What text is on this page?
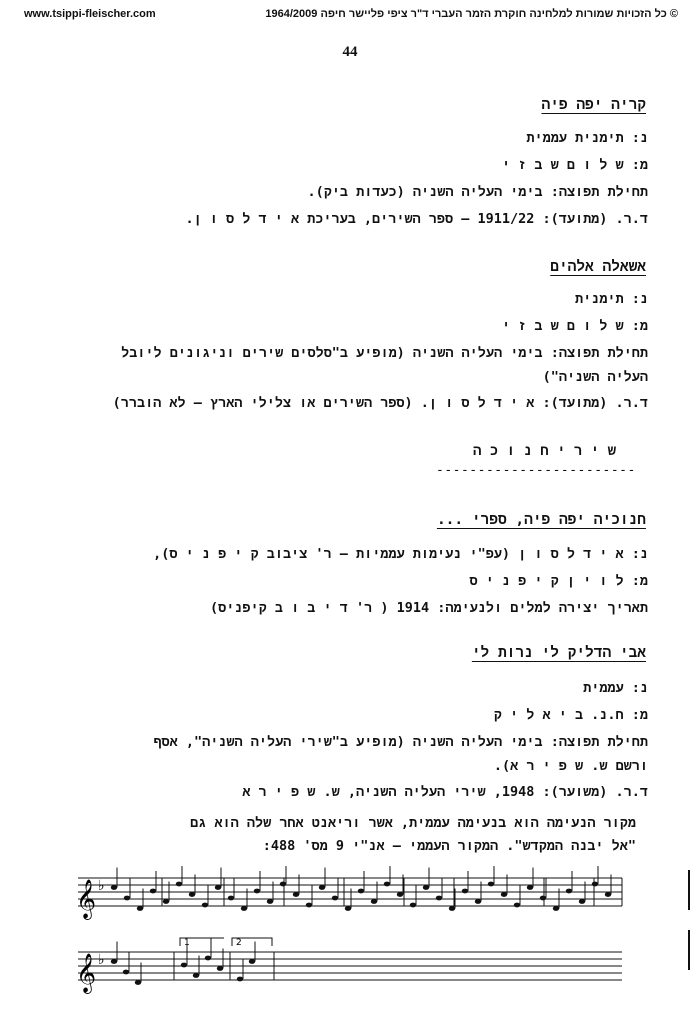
www.tsippi-fleischer.com	© כל הזכויות שמורות למלחינה חוקרת הזמר העברי ד"ר ציפי פליישר חיפה 1964/2009
44
קריה יפה פיה
נ: תימנית עממית
מ: ש ל ו ם ש ב ז י
תחילת תפוצה: בימי העליה השניה (כעדות ביק).
ד.ר. (מתועד): 1911/22 – ספר השירים, בעריכת א י ד ל ס ו ן.
אשאלה אלהים
נ: תימנית
מ: ש ל ו ם ש ב ז י
תחילת תפוצה: בימי העליה השניה (מופיע ב"סלסים שירים וניגונים ליובל
העליה השניה")
ד.ר. (מתועד): א י ד ל ס ו ן. (ספר השירים או צלילי הארץ – לא הוברר)
ש י ר י ח נ ו כ ה
------------------------
חנוכיה יפה פיה, ספרי ...
נ: א י ד ל ס ו ן (עפ"י נעימות עממיות – ר' ציבוב ק י פ נ י ס),
מ: ל ו י ן ק י פ נ י ס
תאריך יצירה למלים ולנעימה: 1914 ( ר' ד י ב ו ב קיפניס)
אבי הדליק לי נרות לי
נ: עממית
מ: ח.נ. ב י א ל י ק
תחילת תפוצה: בימי העליה השניה (מופיע ב"שירי העליה השניה", אסף
ורשם ש. ש פ י ר א).
ד.ר. (משוער): 1948, שירי העליה השניה, ש. ש פ י ר א
מקור הנעימה הוא בנעימה עממית, אשר וריאנט אחר שלה הוא גם
"אל יבנה המקדש". המקור העממי – אנ"י 9 מס' 488:
𝄞 ♭
𝄞 ♭
1	2
